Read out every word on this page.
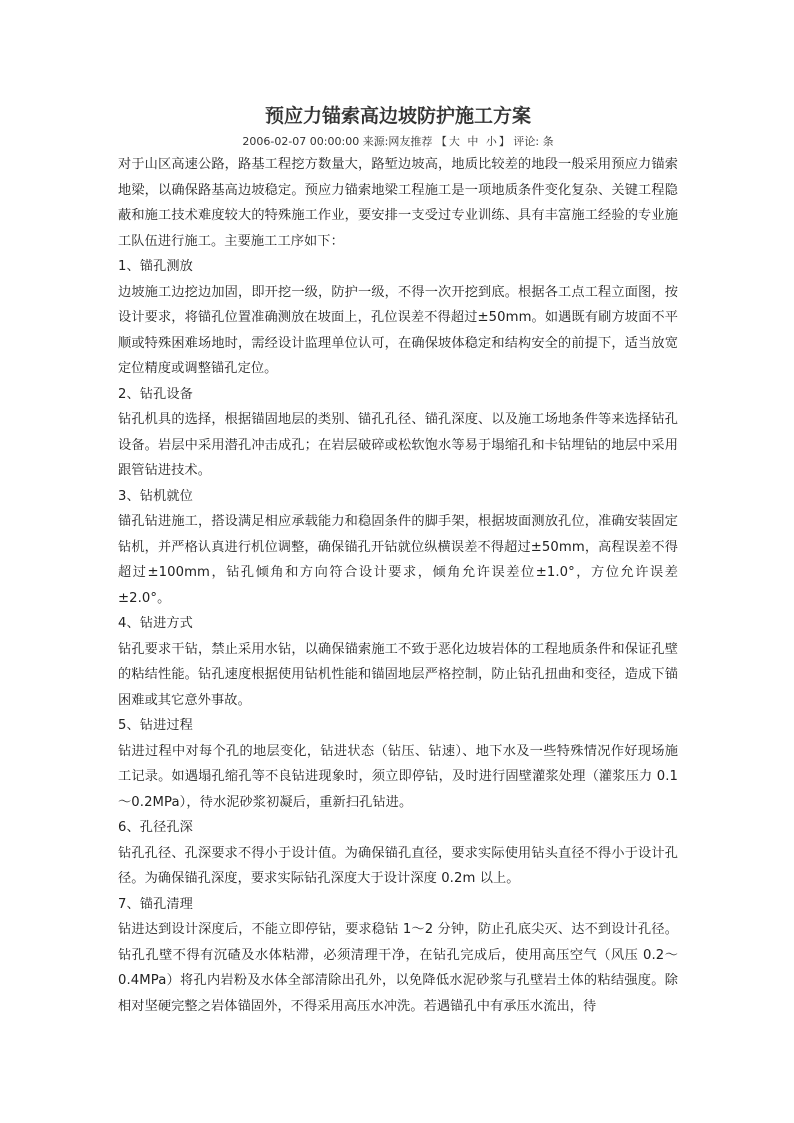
预应力锚索高边坡防护施工方案
2006-02-07 00:00:00 来源:网友推荐 【 大 中 小 】 评论: 条

对于山区高速公路，路基工程挖方数量大，路堑边坡高，地质比较差的地段一般采用预应力锚索地梁，以确保路基高边坡稳定。预应力锚索地梁工程施工是一项地质条件变化复杂、关键工程隐蔽和施工技术难度较大的特殊施工作业，要安排一支受过专业训练、具有丰富施工经验的专业施工队伍进行施工。主要施工工序如下：

1、锚孔测放

边坡施工边挖边加固，即开挖一级，防护一级，不得一次开挖到底。根据各工点工程立面图，按设计要求，将锚孔位置准确测放在坡面上，孔位误差不得超过±50mm。如遇既有刷方坡面不平顺或特殊困难场地时，需经设计监理单位认可，在确保坡体稳定和结构安全的前提下，适当放宽定位精度或调整锚孔定位。

2、钻孔设备

钻孔机具的选择，根据锚固地层的类别、锚孔孔径、锚孔深度、以及施工场地条件等来选择钻孔设备。岩层中采用潜孔冲击成孔；在岩层破碎或松软饱水等易于塌缩孔和卡钻埋钻的地层中采用跟管钻进技术。

3、钻机就位

锚孔钻进施工，搭设满足相应承载能力和稳固条件的脚手架，根据坡面测放孔位，准确安装固定钻机，并严格认真进行机位调整，确保锚孔开钻就位纵横误差不得超过±50mm，高程误差不得超过±100mm，钻孔倾角和方向符合设计要求，倾角允许误差位±1.0°，方位允许误差±2.0°。

4、钻进方式

钻孔要求干钻，禁止采用水钻，以确保锚索施工不致于恶化边坡岩体的工程地质条件和保证孔壁的粘结性能。钻孔速度根据使用钻机性能和锚固地层严格控制，防止钻孔扭曲和变径，造成下锚困难或其它意外事故。

5、钻进过程

钻进过程中对每个孔的地层变化，钻进状态（钻压、钻速）、地下水及一些特殊情况作好现场施工记录。如遇塌孔缩孔等不良钻进现象时，须立即停钻，及时进行固壁灌浆处理（灌浆压力 0.1～0.2MPa），待水泥砂浆初凝后，重新扫孔钻进。

6、孔径孔深

钻孔孔径、孔深要求不得小于设计值。为确保锚孔直径，要求实际使用钻头直径不得小于设计孔径。为确保锚孔深度，要求实际钻孔深度大于设计深度 0.2m 以上。

7、锚孔清理

钻进达到设计深度后，不能立即停钻，要求稳钻 1～2 分钟，防止孔底尖灭、达不到设计孔径。钻孔孔壁不得有沉碴及水体粘滞，必须清理干净，在钻孔完成后，使用高压空气（风压 0.2～0.4MPa）将孔内岩粉及水体全部清除出孔外，以免降低水泥砂浆与孔壁岩土体的粘结强度。除相对坚硬完整之岩体锚固外，不得采用高压水冲洗。若遇锚孔中有承压水流出，待
